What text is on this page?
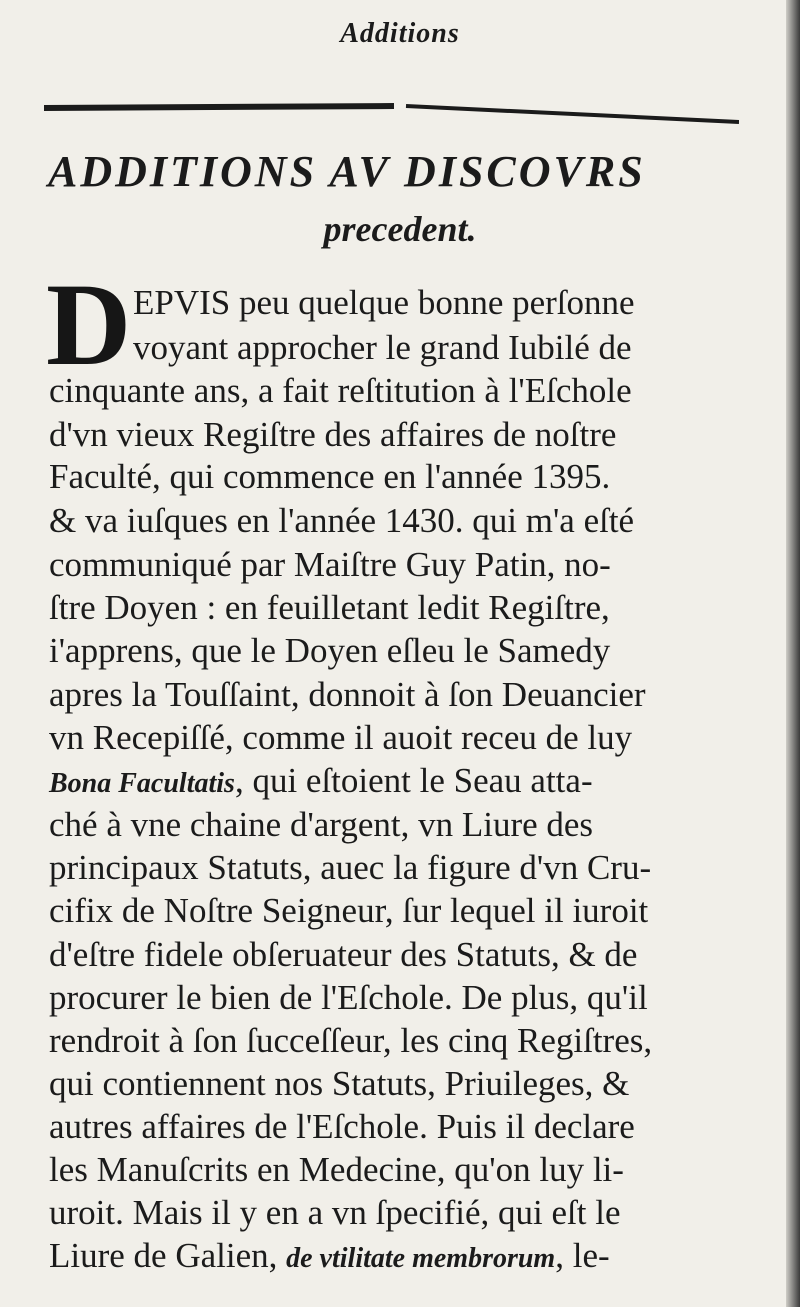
Additions
ADDITIONS AV DISCOVRS
precedent.
D EPVIS peu quelque bonne perſonne
voyant approcher le grand Iubilé de
cinquante ans, a fait reſtitution à l'Eſchole
d'vn vieux Regiſtre des affaires de noſtre
Faculté, qui commence en l'année 1395.
& va iuſques en l'année 1430. qui m'a eſté
communiqué par Maiſtre Guy Patin, no-
ſtre Doyen : en feuilletant ledit Regiſtre,
i'apprens, que le Doyen eſleu le Samedy
apres la Touſſaint, donnoit à ſon Deuancier
vn Recepiſſé, comme il auoit receu de luy
Bona Facultatis, qui eſtoient le Seau atta-
ché à vne chaine d'argent, vn Liure des
principaux Statuts, auec la figure d'vn Cru-
cifix de Noſtre Seigneur, ſur lequel il iuroit
d'eſtre fidele obſeruateur des Statuts, & de
procurer le bien de l'Eſchole. De plus, qu'il
rendroit à ſon ſucceſſeur, les cinq Regiſtres,
qui contiennent nos Statuts, Priuileges, &
autres affaires de l'Eſchole. Puis il declare
les Manuſcrits en Medecine, qu'on luy li-
uroit. Mais il y en a vn ſpecifié, qui eſt le
Liure de Galien, de vtilitate membrorum, le-
